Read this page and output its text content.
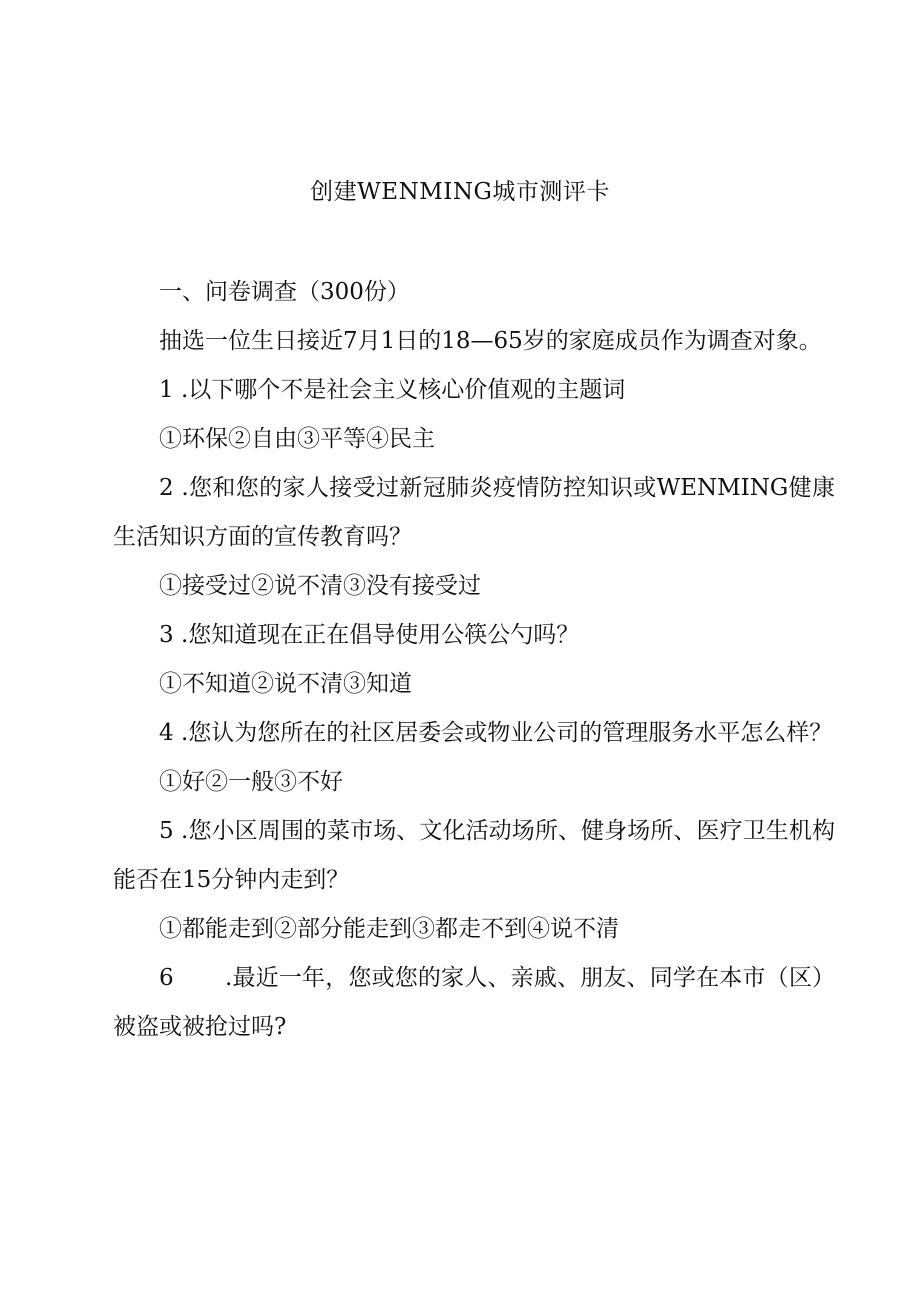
创建WENMING城市测评卡

一、问卷调查（300份）

抽选一位生日接近7月1日的18—65岁的家庭成员作为调查对象。

1 .以下哪个不是社会主义核心价值观的主题词

①环保②自由③平等④民主

2 .您和您的家人接受过新冠肺炎疫情防控知识或WENMING健康生活知识方面的宣传教育吗？

①接受过②说不清③没有接受过

3 .您知道现在正在倡导使用公筷公勺吗？

①不知道②说不清③知道

4 .您认为您所在的社区居委会或物业公司的管理服务水平怎么样？

①好②一般③不好

5 .您小区周围的菜市场、文化活动场所、健身场所、医疗卫生机构能否在15分钟内走到？

①都能走到②部分能走到③都走不到④说不清

6 .最近一年，您或您的家人、亲戚、朋友、同学在本市（区）被盗或被抢过吗?
